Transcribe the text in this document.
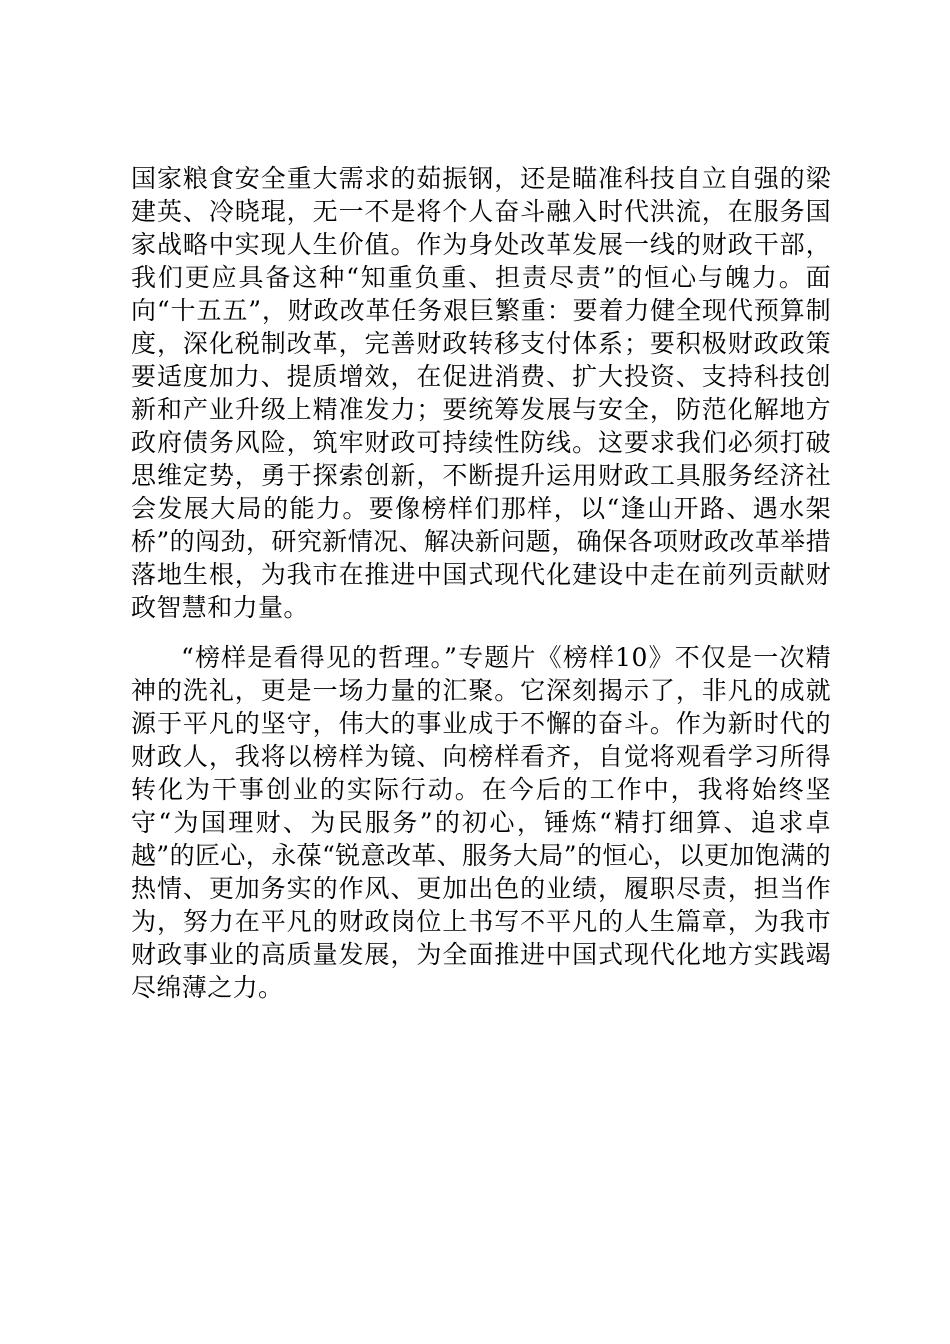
国家粮食安全重大需求的茹振钢，还是瞄准科技自立自强的梁建英、冷晓琨，无一不是将个人奋斗融入时代洪流，在服务国家战略中实现人生价值。作为身处改革发展一线的财政干部，我们更应具备这种“知重负重、担责尽责”的恒心与魄力。面向“十五五”，财政改革任务艰巨繁重：要着力健全现代预算制度，深化税制改革，完善财政转移支付体系；要积极财政政策要适度加力、提质增效，在促进消费、扩大投资、支持科技创新和产业升级上精准发力；要统筹发展与安全，防范化解地方政府债务风险，筑牢财政可持续性防线。这要求我们必须打破思维定势，勇于探索创新，不断提升运用财政工具服务经济社会发展大局的能力。要像榜样们那样，以“逢山开路、遇水架桥”的闯劲，研究新情况、解决新问题，确保各项财政改革举措落地生根，为我市在推进中国式现代化建设中走在前列贡献财政智慧和力量。

“榜样是看得见的哲理。”专题片《榜样10》不仅是一次精神的洗礼，更是一场力量的汇聚。它深刻揭示了，非凡的成就源于平凡的坚守，伟大的事业成于不懈的奋斗。作为新时代的财政人，我将以榜样为镜、向榜样看齐，自觉将观看学习所得转化为干事创业的实际行动。在今后的工作中，我将始终坚守“为国理财、为民服务”的初心，锤炼“精打细算、追求卓越”的匠心，永葆“锐意改革、服务大局”的恒心，以更加饱满的热情、更加务实的作风、更加出色的业绩，履职尽责，担当作为，努力在平凡的财政岗位上书写不平凡的人生篇章，为我市财政事业的高质量发展，为全面推进中国式现代化地方实践竭尽绵薄之力。
